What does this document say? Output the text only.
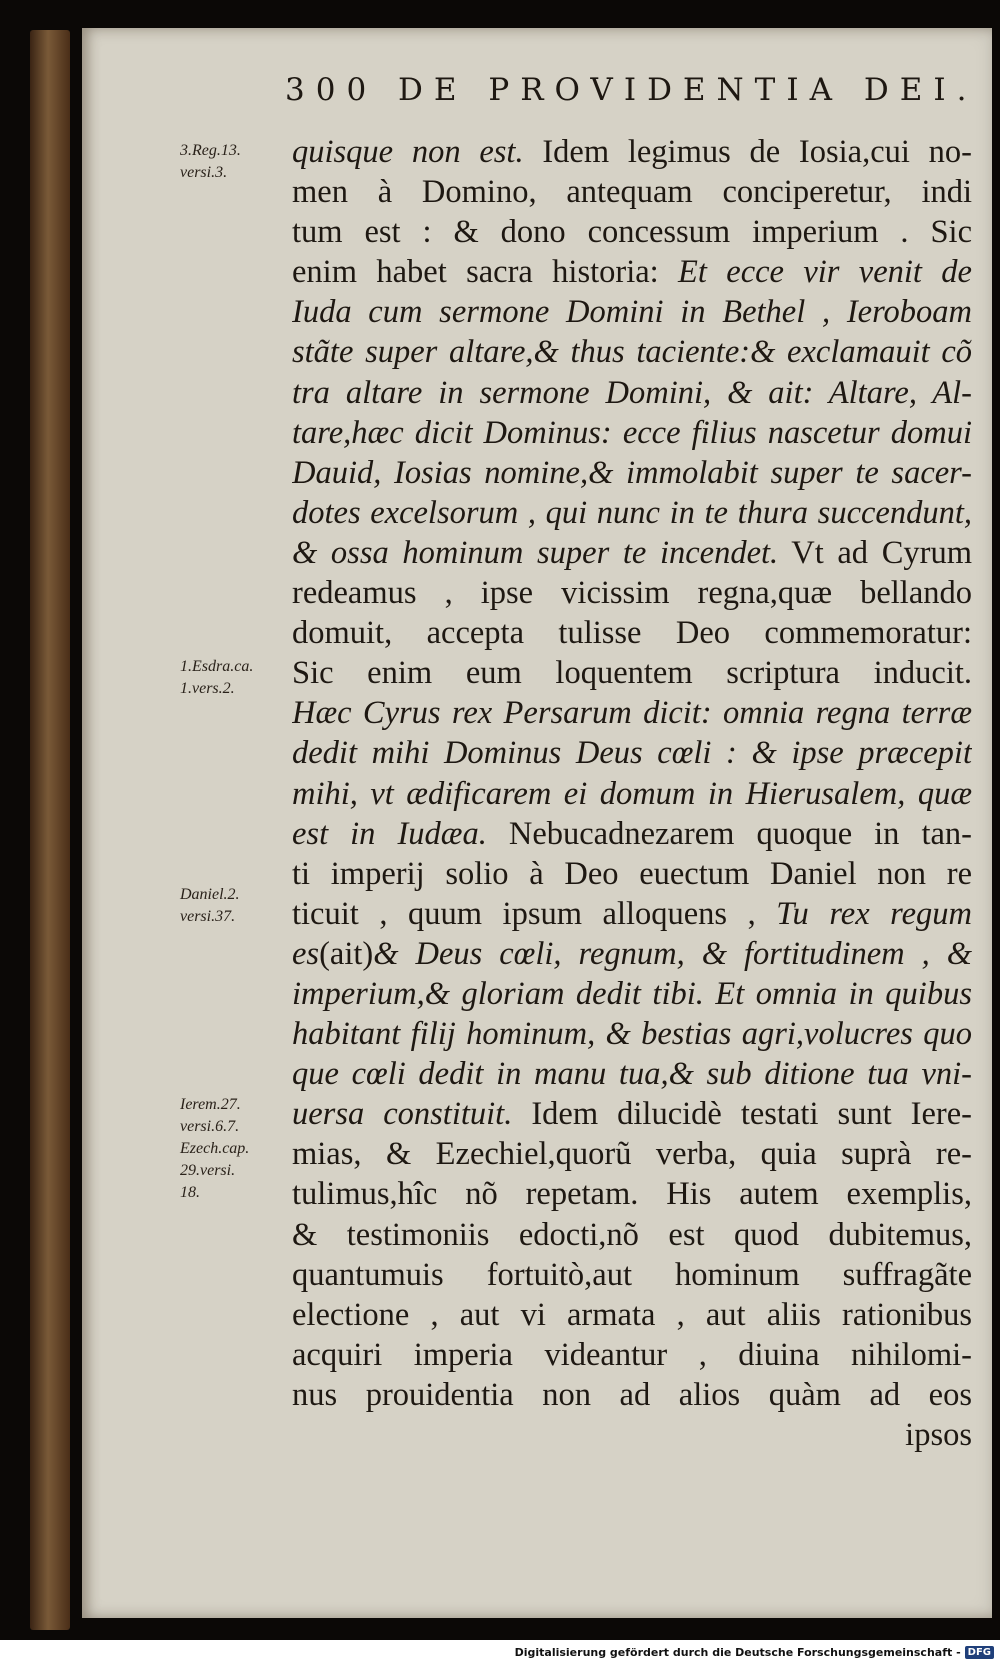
300 DE PROVIDENTIA DEI.
3.Reg.13.
versi.3.
1.Esdra.ca.
1.vers.2.
Daniel.2.
versi.37.
Ierem.27.
versi.6.7.
Ezech.cap.
29.versi.
18.
quisque non est. Idem legimus de Iosia,cui no-
men à Domino, antequam conciperetur, indi
tum est : & dono concessum imperium . Sic
enim habet sacra historia: Et ecce vir venit de
Iuda cum sermone Domini in Bethel , Ieroboam
stãte super altare,& thus taciente:& exclamauit cõ
tra altare in sermone Domini, & ait: Altare, Al-
tare,hæc dicit Dominus: ecce filius nascetur domui
Dauid, Iosias nomine,& immolabit super te sacer-
dotes excelsorum , qui nunc in te thura succendunt,
& ossa hominum super te incendet. Vt ad Cyrum
redeamus , ipse vicissim regna,quæ bellando
domuit, accepta tulisse Deo commemoratur:
Sic enim eum loquentem scriptura inducit.
Hæc Cyrus rex Persarum dicit: omnia regna terræ
dedit mihi Dominus Deus cœli : & ipse præcepit
mihi, vt ædificarem ei domum in Hierusalem, quæ
est in Iudæa. Nebucadnezarem quoque in tan-
ti imperij solio à Deo euectum Daniel non re
ticuit , quum ipsum alloquens , Tu rex regum
es(ait)& Deus cœli, regnum, & fortitudinem , &
imperium,& gloriam dedit tibi. Et omnia in quibus
habitant filij hominum, & bestias agri,volucres quo
que cœli dedit in manu tua,& sub ditione tua vni-
uersa constituit. Idem dilucidè testati sunt Iere-
mias, & Ezechiel,quorũ verba, quia suprà re-
tulimus,hîc nõ repetam. His autem exemplis,
& testimoniis edocti,nõ est quod dubitemus,
quantumuis fortuitò,aut hominum suffragãte
electione , aut vi armata , aut aliis rationibus
acquiri imperia videantur , diuina nihilomi-
nus prouidentia non ad alios quàm ad eos
ipsos
Digitalisierung gefördert durch die Deutsche Forschungsgemeinschaft - DFG
